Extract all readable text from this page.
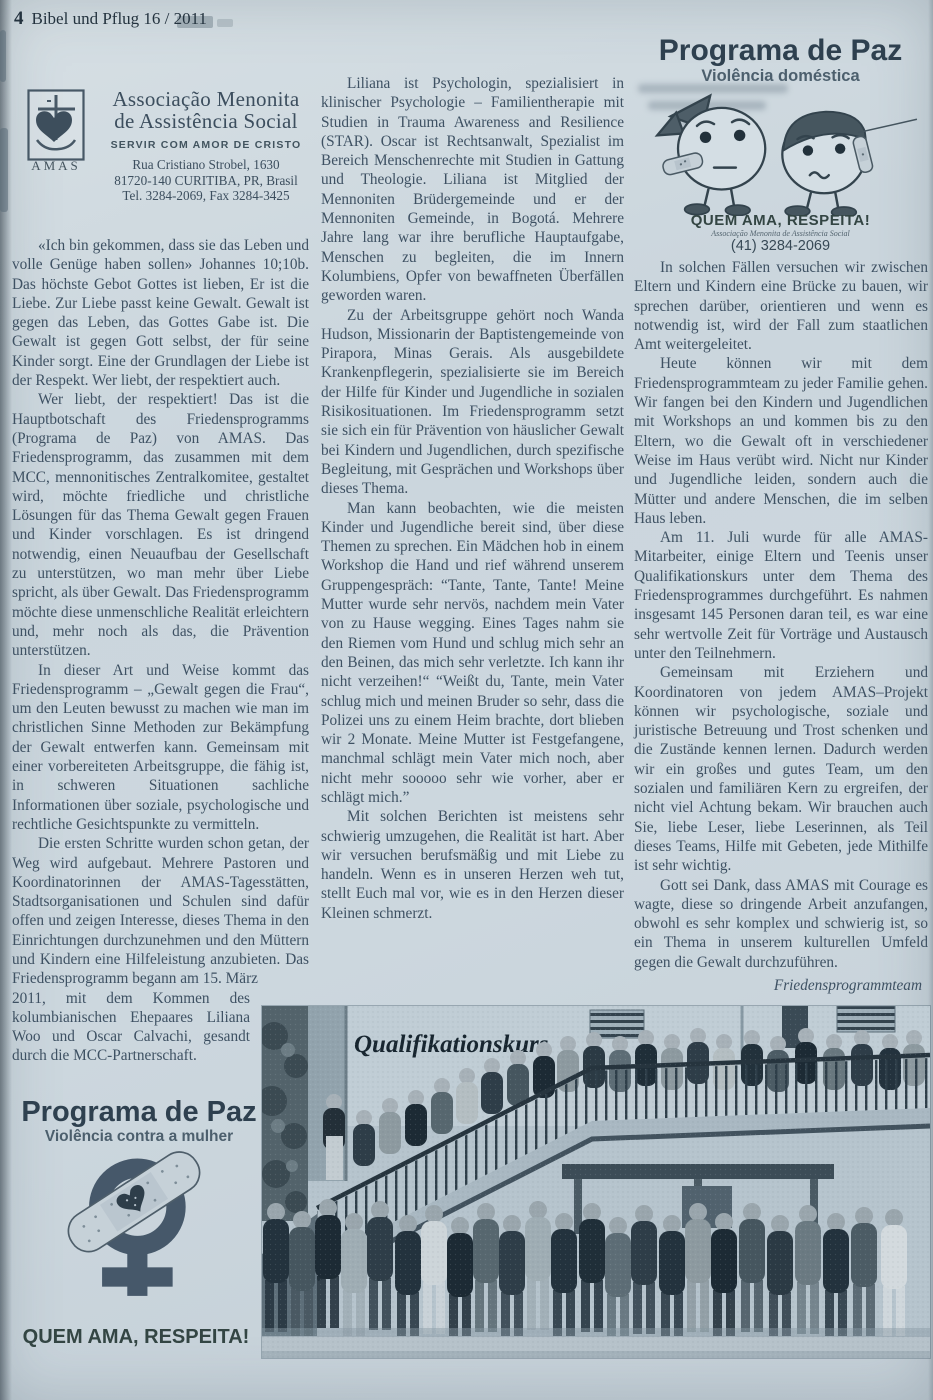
4 Bibel und Pflug 16 / 2011
AMAS
Associação Menonita
de Assistência Social
SERVIR COM AMOR DE CRISTO
Rua Cristiano Strobel, 1630
81720-140 CURITIBA, PR, Brasil
Tel. 3284-2069, Fax 3284-3425

«Ich bin gekommen, dass sie das Leben und volle Genüge haben sollen» Johannes 10;10b. Das höchste Gebot Gottes ist lieben, Er ist die Liebe. Zur Liebe passt keine Gewalt. Gewalt ist gegen das Leben, das Gottes Gabe ist. Die Gewalt ist gegen Gott selbst, der für seine Kinder sorgt. Eine der Grundlagen der Liebe ist der Respekt. Wer liebt, der respektiert auch.

Wer liebt, der respektiert! Das ist die Hauptbotschaft des Friedensprogramms (Programa de Paz) von AMAS. Das Friedensprogramm, das zusammen mit dem MCC, mennonitisches Zentralkomitee, gestaltet wird, möchte friedliche und christliche Lösungen für das Thema Gewalt gegen Frauen und Kinder vorschlagen. Es ist dringend notwendig, einen Neuaufbau der Gesellschaft zu unterstützen, wo man mehr über Liebe spricht, als über Gewalt. Das Friedensprogramm möchte diese unmenschliche Realität erleichtern und, mehr noch als das, die Prävention unterstützen.

In dieser Art und Weise kommt das Friedensprogramm – „Gewalt gegen die Frau“, um den Leuten bewusst zu machen wie man im christlichen Sinne Methoden zur Bekämpfung der Gewalt entwerfen kann. Gemeinsam mit einer vorbereiteten Arbeitsgruppe, die fähig ist, in schweren Situationen sachliche Informationen über soziale, psychologische und rechtliche Gesichtspunkte zu vermitteln.

Die ersten Schritte wurden schon getan, der Weg wird aufgebaut. Mehrere Pastoren und Koordinatorinnen der AMAS-Tagesstätten, Stadtsorganisationen und Schulen sind dafür offen und zeigen Interesse, dieses Thema in den Einrichtungen durchzunehmen und den Müttern und Kindern eine Hilfeleistung anzubieten. Das Friedensprogramm begann am 15. März

2011, mit dem Kommen des kolumbianischen Ehepaares Liliana Woo und Oscar Calvachi, gesandt durch die MCC-Partnerschaft.

Liliana ist Psychologin, spezialisiert in klinischer Psychologie – Familientherapie mit Studien in Trauma Awareness and Resilience (STAR). Oscar ist Rechtsanwalt, Spezialist im Bereich Menschenrechte mit Studien in Gattung und Theologie. Liliana ist Mitglied der Mennoniten Brüdergemeinde und er der Mennoniten Gemeinde, in Bogotá. Mehrere Jahre lang war ihre berufliche Hauptaufgabe, Menschen zu begleiten, die im Innern Kolumbiens, Opfer von bewaffneten Überfällen geworden waren.

Zu der Arbeitsgruppe gehört noch Wanda Hudson, Missionarin der Baptistengemeinde von Pirapora, Minas Gerais. Als ausgebildete Krankenpflegerin, spezialisierte sie im Bereich der Hilfe für Kinder und Jugendliche in sozialen Risikosituationen. Im Friedensprogramm setzt sie sich ein für Prävention von häuslicher Gewalt bei Kindern und Jugendlichen, durch spezifische Begleitung, mit Gesprächen und Workshops über dieses Thema.

Man kann beobachten, wie die meisten Kinder und Jugendliche bereit sind, über diese Themen zu sprechen. Ein Mädchen hob in einem Workshop die Hand und rief während unserem Gruppengespräch: “Tante, Tante, Tante! Meine Mutter wurde sehr nervös, nachdem mein Vater von zu Hause wegging. Eines Tages nahm sie den Riemen vom Hund und schlug mich sehr an den Beinen, das mich sehr verletzte. Ich kann ihr nicht verzeihen!“ “Weißt du, Tante, mein Vater schlug mich und meinen Bruder so sehr, dass die Polizei uns zu einem Heim brachte, dort blieben wir 2 Monate. Meine Mutter ist Festgefangene, manchmal schlägt mein Vater mich noch, aber nicht mehr sooooo sehr wie vorher, aber er schlägt mich.”

Mit solchen Berichten ist meistens sehr schwierig umzugehen, die Realität ist hart. Aber wir versuchen berufsmäßig und mit Liebe zu handeln. Wenn es in unseren Herzen weh tut, stellt Euch mal vor, wie es in den Herzen dieser Kleinen schmerzt.

Programa de Paz
Violência doméstica
QUEM AMA, RESPEITA!
Associação Menonita de Assistência Social
(41) 3284-2069

In solchen Fällen versuchen wir zwischen Eltern und Kindern eine Brücke zu bauen, wir sprechen darüber, orientieren und wenn es notwendig ist, wird der Fall zum staatlichen Amt weitergeleitet.

Heute können wir mit dem Friedensprogrammteam zu jeder Familie gehen. Wir fangen bei den Kindern und Jugendlichen mit Workshops an und kommen bis zu den Eltern, wo die Gewalt oft in verschiedener Weise im Haus verübt wird. Nicht nur Kinder und Jugendliche leiden, sondern auch die Mütter und andere Menschen, die im selben Haus leben.

Am 11. Juli wurde für alle AMAS-Mitarbeiter, einige Eltern und Teenis unser Qualifikationskurs unter dem Thema des Friedensprogrammes durchgeführt. Es nahmen insgesamt 145 Personen daran teil, es war eine sehr wertvolle Zeit für Vorträge und Austausch unter den Teilnehmern.

Gemeinsam mit Erziehern und Koordinatoren von jedem AMAS–Projekt können wir psychologische, soziale und juristische Betreuung und Trost schenken und die Zustände kennen lernen. Dadurch werden wir ein großes und gutes Team, um den sozialen und familiären Kern zu ergreifen, der nicht viel Achtung bekam. Wir brauchen auch Sie, liebe Leser, liebe Leserinnen, als Teil dieses Teams, Hilfe mit Gebeten, jede Mithilfe ist sehr wichtig.

Gott sei Dank, dass AMAS mit Courage es wagte, diese so dringende Arbeit anzufangen, obwohl es sehr komplex und schwierig ist, so ein Thema in unserem kulturellen Umfeld gegen die Gewalt durchzuführen.

Friedensprogrammteam
Programa de Paz
Violência contra a mulher
QUEM AMA, RESPEITA!
